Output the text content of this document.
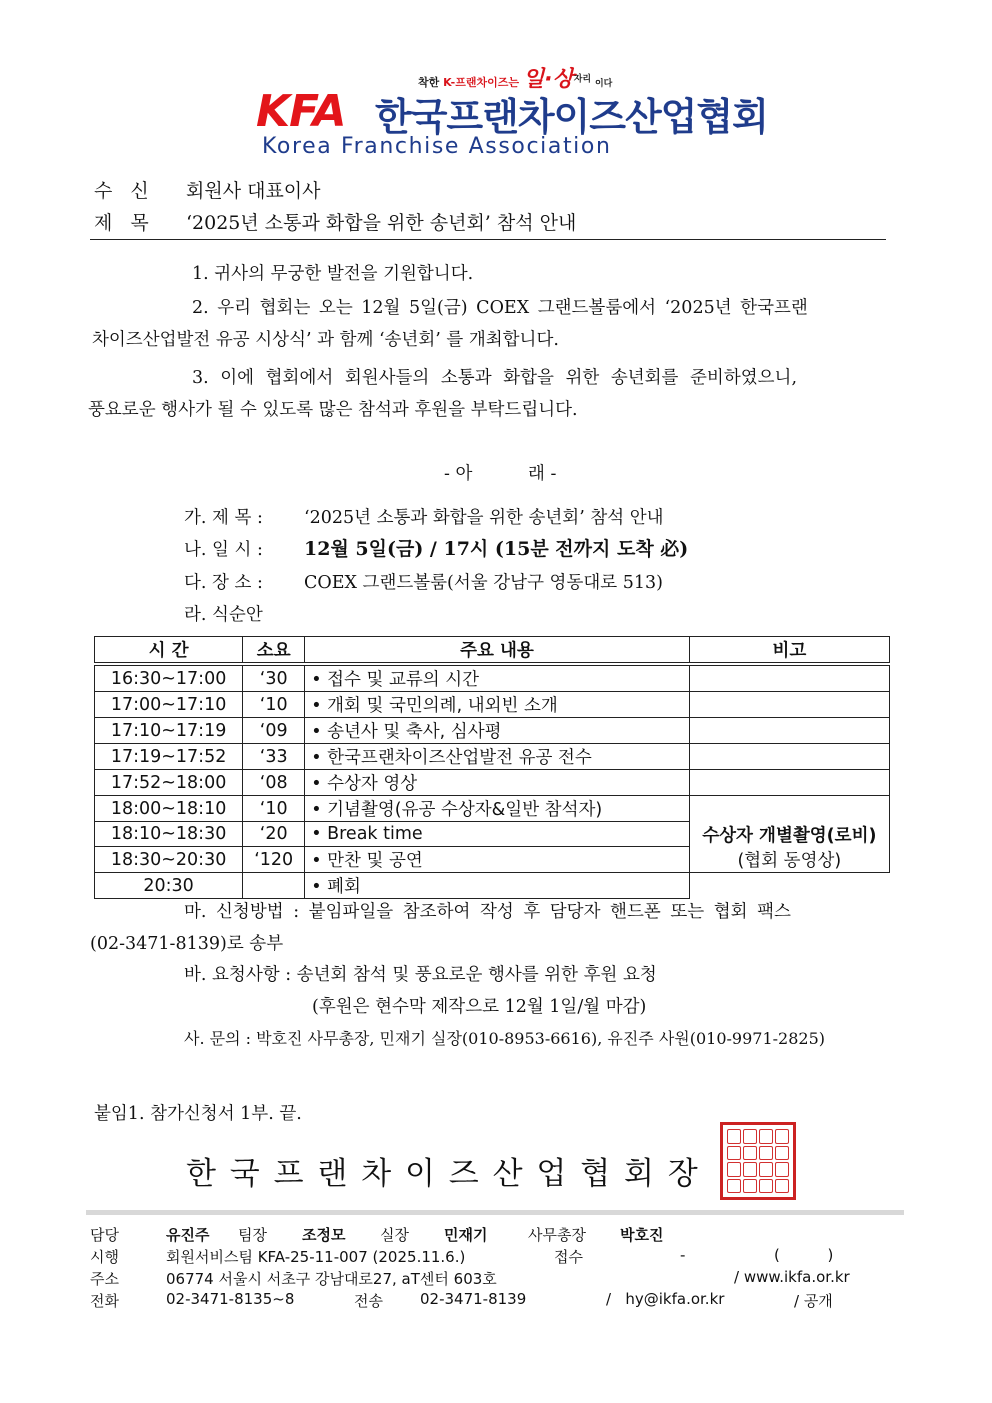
착한 K-프랜차이즈는 일·상$^{자리}$ 이다
KFA 한국프랜차이즈산업협회
Korea Franchise Association
수신 회원사 대표이사
제목 ‘2025년 소통과 화합을 위한 송년회’ 참석 안내
1. 귀사의 무궁한 발전을 기원합니다.
2. 우리 협회는 오는 12월 5일(금) COEX 그랜드볼룸에서 ‘2025년 한국프랜
차이즈산업발전 유공 시상식’ 과 함께 ‘송년회’ 를 개최합니다.
3. 이에 협회에서 회원사들의 소통과 화합을 위한 송년회를 준비하였으니,
풍요로운 행사가 될 수 있도록 많은 참석과 후원을 부탁드립니다.
- 아          래 -
가. 제 목 : ‘2025년 소통과 화합을 위한 송년회’ 참석 안내
나. 일 시 : 12월 5일(금) / 17시 (15분 전까지 도착 必)
다. 장 소 : COEX 그랜드볼룸(서울 강남구 영동대로 513)
라. 식순안
시 간	소요	주요 내용	비고
16:30~17:00	‘30	• 접수 및 교류의 시간	
17:00~17:10	‘10	• 개회 및 국민의례, 내외빈 소개	
17:10~17:19	‘09	• 송년사 및 축사, 심사평	
17:19~17:52	‘33	• 한국프랜차이즈산업발전 유공 전수	
17:52~18:00	‘08	• 수상자 영상	
18:00~18:10	‘10	• 기념촬영(유공 수상자&일반 참석자)	
18:10~18:30	‘20	• Break time	수상자 개별촬영(로비)
18:30~20:30	‘120	• 만찬 및 공연	(협회 동영상)
20:30		• 폐회	
마. 신청방법 : 붙임파일을 참조하여 작성 후 담당자 핸드폰 또는 협회 팩스
(02-3471-8139)로 송부
바. 요청사항 : 송년회 참석 및 풍요로운 행사를 위한 후원 요청
(후원은 현수막 제작으로 12월 1일/월 마감)
사. 문의 : 박호진 사무총장, 민재기 실장(010-8953-6616), 유진주 사원(010-9971-2825)
붙임1. 참가신청서 1부. 끝.
한 국 프 랜 차 이 즈 산 업 협 회 장
담당	유진주 팀장 조정모 실장 민재기	사무총장 박호진
시행	회원서비스팀 KFA-25-11-007 (2025.11.6.)	접수	-	(          )
주소	06774 서울시 서초구 강남대로27, aT센터 603호	/ www.ikfa.or.kr
전화	02-3471-8135~8	전송 02-3471-8139	/   hy@ikfa.or.kr	/ 공개
